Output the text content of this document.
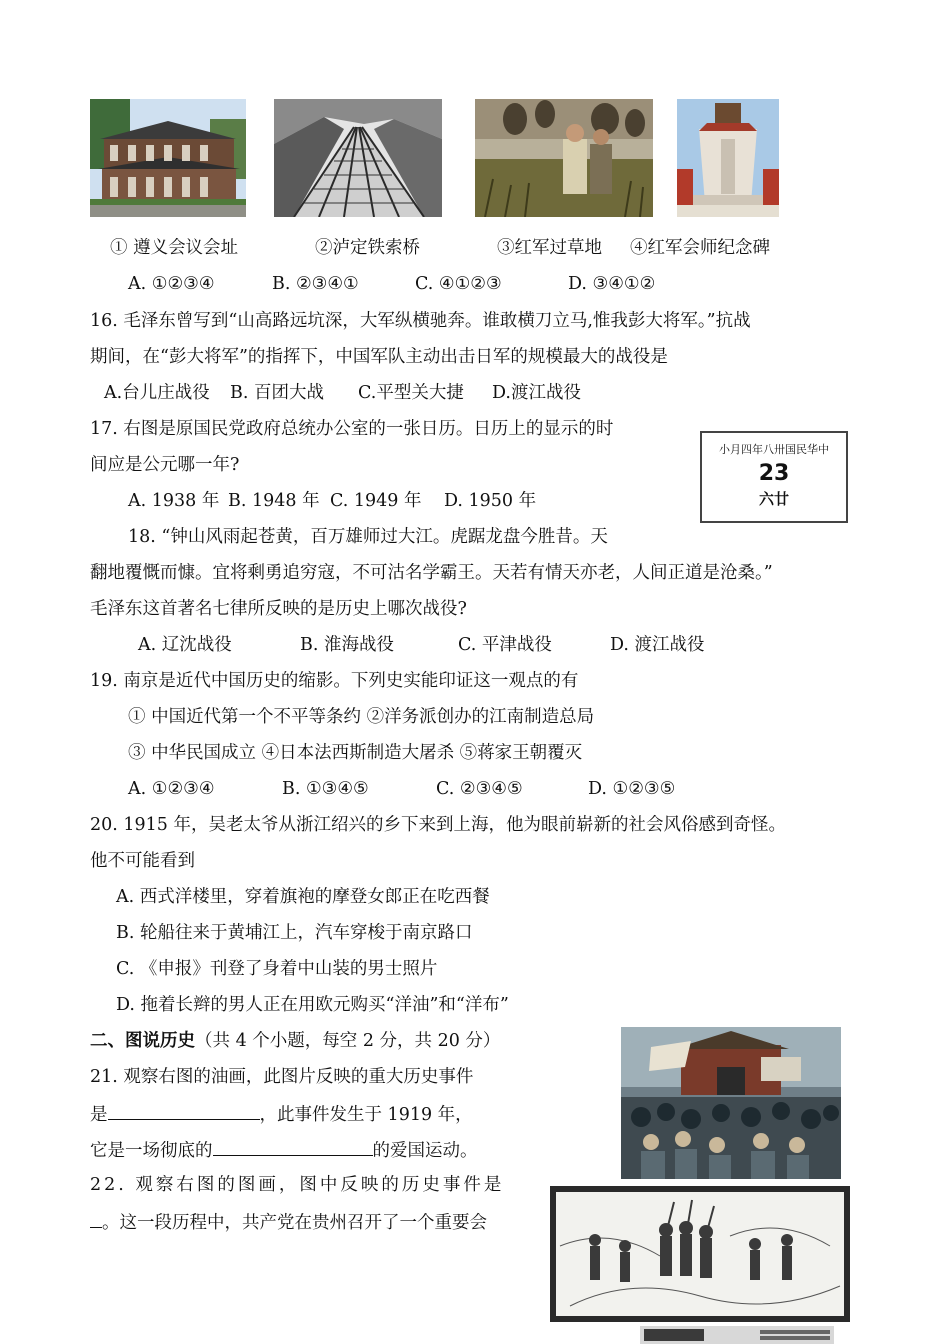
① 遵义会议会址	②泸定铁索桥	③红军过草地 ④红军会师纪念碑
A. ①②③④	B. ②③④①	C. ④①②③	D. ③④①②
16. 毛泽东曾写到“山高路远坑深，大军纵横驰奔。谁敢横刀立马,惟我彭大将军。”抗战
期间，在“彭大将军”的指挥下，中国军队主动出击日军的规模最大的战役是
A.台儿庄战役 B. 百团大战 C.平型关大捷 D.渡江战役
17. 右图是原国民党政府总统办公室的一张日历。日历上的显示的时
间应是公元哪一年?
A. 1938 年 B. 1948 年 C. 1949 年 D. 1950 年
小月四年八卅国民华中
23
六廿
18. “钟山风雨起苍黄，百万雄师过大江。虎踞龙盘今胜昔。天
翻地覆慨而慷。宜将剩勇追穷寇，不可沽名学霸王。天若有情天亦老，人间正道是沧桑。”
毛泽东这首著名七律所反映的是历史上哪次战役?
A. 辽沈战役	B. 淮海战役	C. 平津战役	D. 渡江战役
19. 南京是近代中国历史的缩影。下列史实能印证这一观点的有
① 中国近代第一个不平等条约 ②洋务派创办的江南制造总局
③ 中华民国成立 ④日本法西斯制造大屠杀 ⑤蒋家王朝覆灭
A. ①②③④	B. ①③④⑤	C. ②③④⑤	D. ①②③⑤
20. 1915 年，吴老太爷从浙江绍兴的乡下来到上海，他为眼前崭新的社会风俗感到奇怪。
他不可能看到
A. 西式洋楼里，穿着旗袍的摩登女郎正在吃西餐
B. 轮船往来于黄埔江上，汽车穿梭于南京路口
C. 《申报》刊登了身着中山装的男士照片
D. 拖着长辫的男人正在用欧元购买“洋油”和“洋布”
二、图说历史（共 4 个小题，每空 2 分，共 20 分）
21. 观察右图的油画，此图片反映的重大历史事件
是	，此事件发生于 1919 年，
它是一场彻底的	的爱国运动。
22. 观察右图的图画，图中反映的历史事件是
。这一段历程中，共产党在贵州召开了一个重要会
